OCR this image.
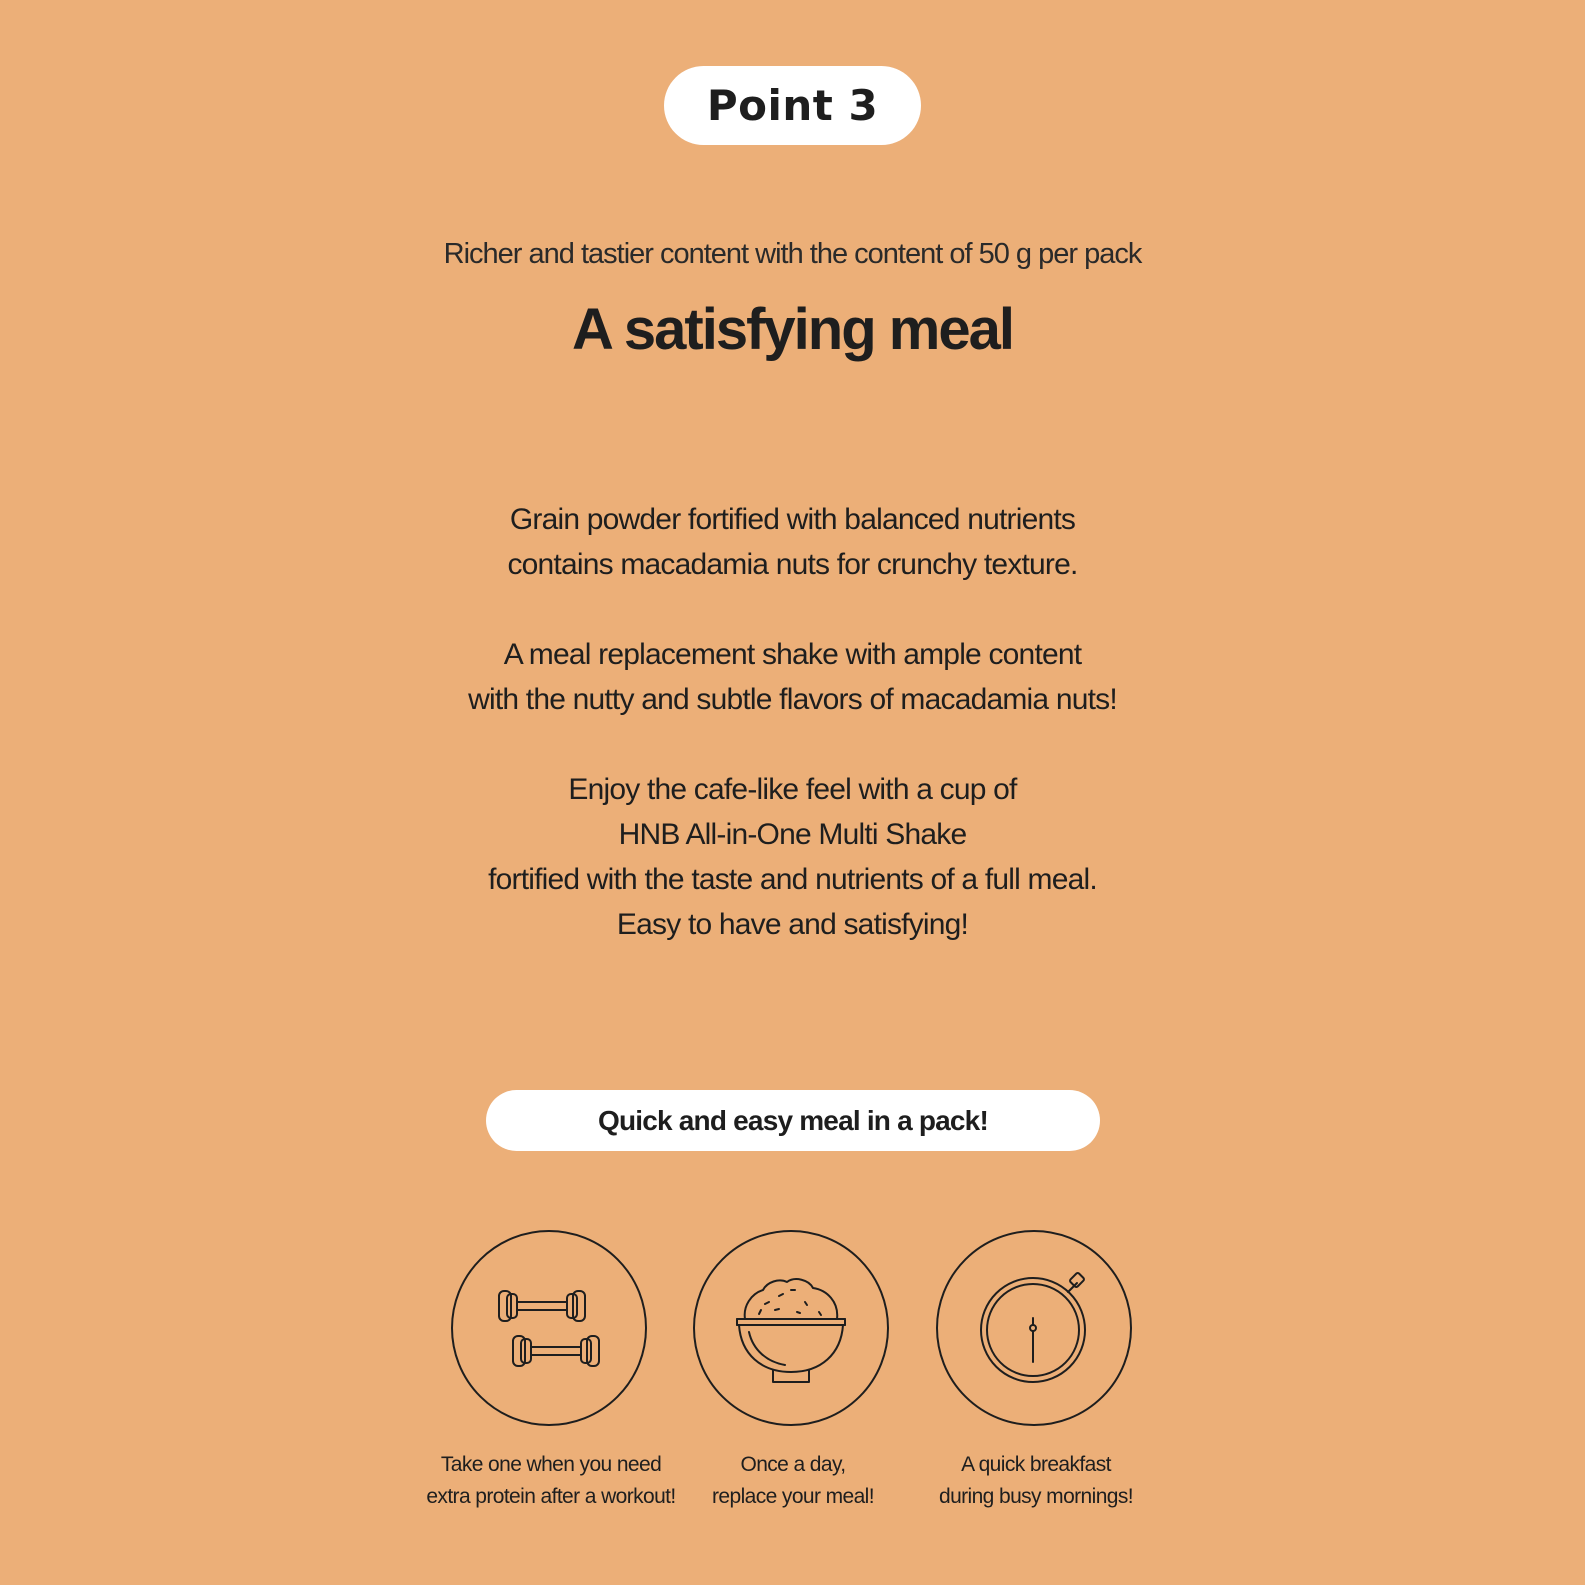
Point 3
Richer and tastier content with the content of 50 g per pack
A satisfying meal
Grain powder fortified with balanced nutrients
contains macadamia nuts for crunchy texture.
A meal replacement shake with ample content
with the nutty and subtle flavors of macadamia nuts!
Enjoy the cafe-like feel with a cup of
HNB All-in-One Multi Shake
fortified with the taste and nutrients of a full meal.
Easy to have and satisfying!
Quick and easy meal in a pack!
Take one when you need
extra protein after a workout!
Once a day,
replace your meal!
A quick breakfast
during busy mornings!
